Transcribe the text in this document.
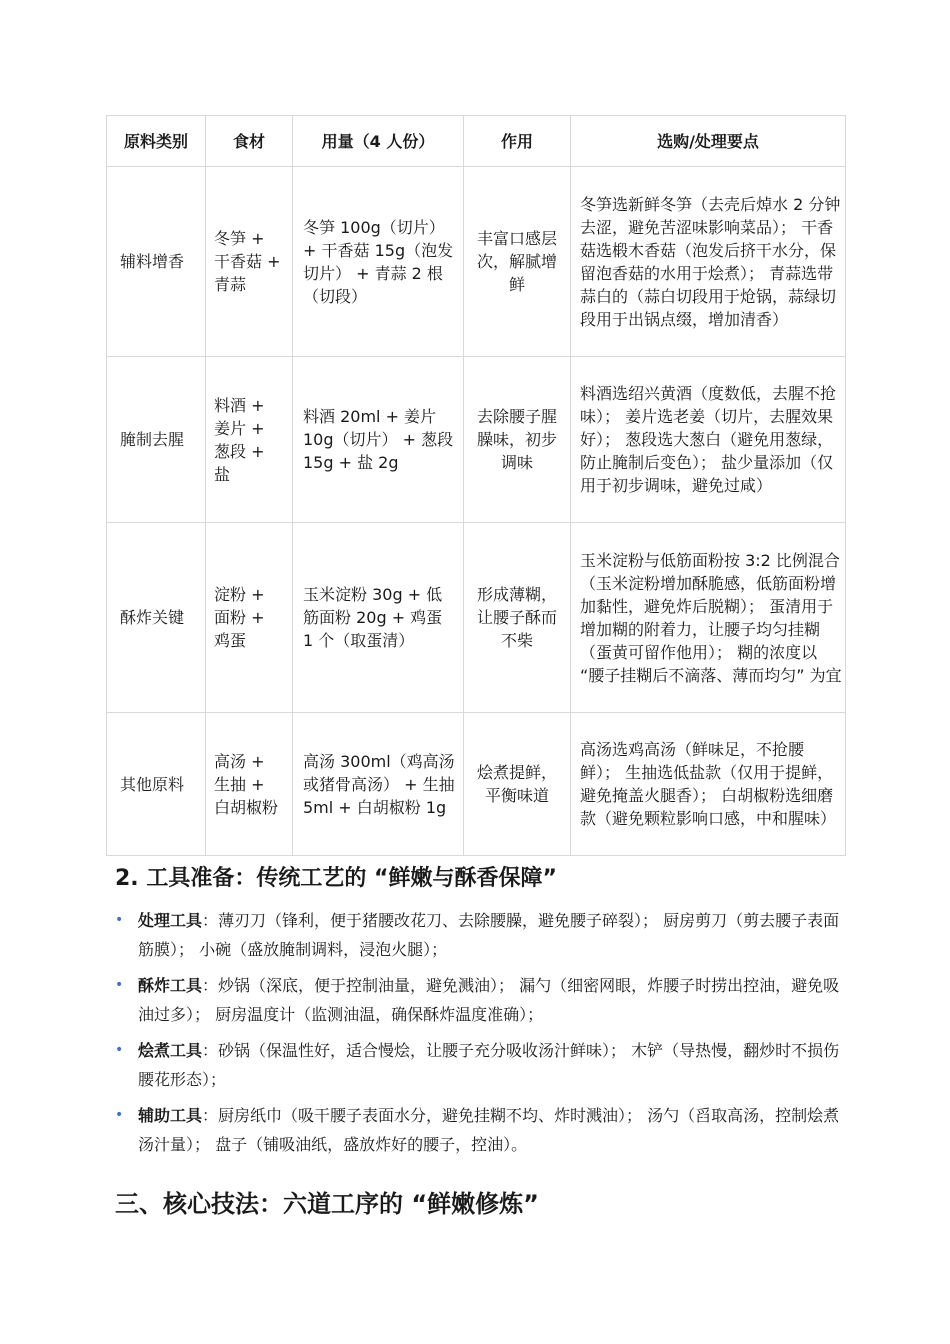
原料类别	食材	用量（4 人份）	作用	选购/处理要点
辅料增香	冬笋 + 干香菇 + 青蒜	冬笋 100g（切片）+ 干香菇 15g（泡发切片） + 青蒜 2 根（切段）	丰富口感层次，解腻增鲜	冬笋选新鲜冬笋（去壳后焯水 2 分钟去涩，避免苦涩味影响菜品）； 干香菇选椴木香菇（泡发后挤干水分，保留泡香菇的水用于烩煮）； 青蒜选带蒜白的（蒜白切段用于炝锅，蒜绿切段用于出锅点缀，增加清香）
腌制去腥	料酒 + 姜片 + 葱段 + 盐	料酒 20ml + 姜片 10g（切片） + 葱段 15g + 盐 2g	去除腰子腥臊味，初步调味	料酒选绍兴黄酒（度数低，去腥不抢味）； 姜片选老姜（切片，去腥效果好）； 葱段选大葱白（避免用葱绿，防止腌制后变色）； 盐少量添加（仅用于初步调味，避免过咸）
酥炸关键	淀粉 + 面粉 + 鸡蛋	玉米淀粉 30g + 低筋面粉 20g + 鸡蛋 1 个（取蛋清）	形成薄糊，让腰子酥而不柴	玉米淀粉与低筋面粉按 3:2 比例混合（玉米淀粉增加酥脆感，低筋面粉增加黏性，避免炸后脱糊）； 蛋清用于增加糊的附着力，让腰子均匀挂糊（蛋黄可留作他用）； 糊的浓度以 “腰子挂糊后不滴落、薄而均匀” 为宜
其他原料	高汤 + 生抽 + 白胡椒粉	高汤 300ml（鸡高汤或猪骨高汤） + 生抽 5ml + 白胡椒粉 1g	烩煮提鲜，平衡味道	高汤选鸡高汤（鲜味足，不抢腰鲜）； 生抽选低盐款（仅用于提鲜，避免掩盖火腿香）； 白胡椒粉选细磨款（避免颗粒影响口感，中和腥味）
2. 工具准备：传统工艺的 “鲜嫩与酥香保障”
• 处理工具：薄刃刀（锋利，便于猪腰改花刀、去除腰臊，避免腰子碎裂）； 厨房剪刀（剪去腰子表面筋膜）； 小碗（盛放腌制调料，浸泡火腿）；
• 酥炸工具：炒锅（深底，便于控制油量，避免溅油）； 漏勺（细密网眼，炸腰子时捞出控油，避免吸油过多）； 厨房温度计（监测油温，确保酥炸温度准确）；
• 烩煮工具：砂锅（保温性好，适合慢烩，让腰子充分吸收汤汁鲜味）； 木铲（导热慢，翻炒时不损伤腰花形态）；
• 辅助工具：厨房纸巾（吸干腰子表面水分，避免挂糊不均、炸时溅油）； 汤勺（舀取高汤，控制烩煮汤汁量）； 盘子（铺吸油纸，盛放炸好的腰子，控油）。
三、核心技法：六道工序的 “鲜嫩修炼”
